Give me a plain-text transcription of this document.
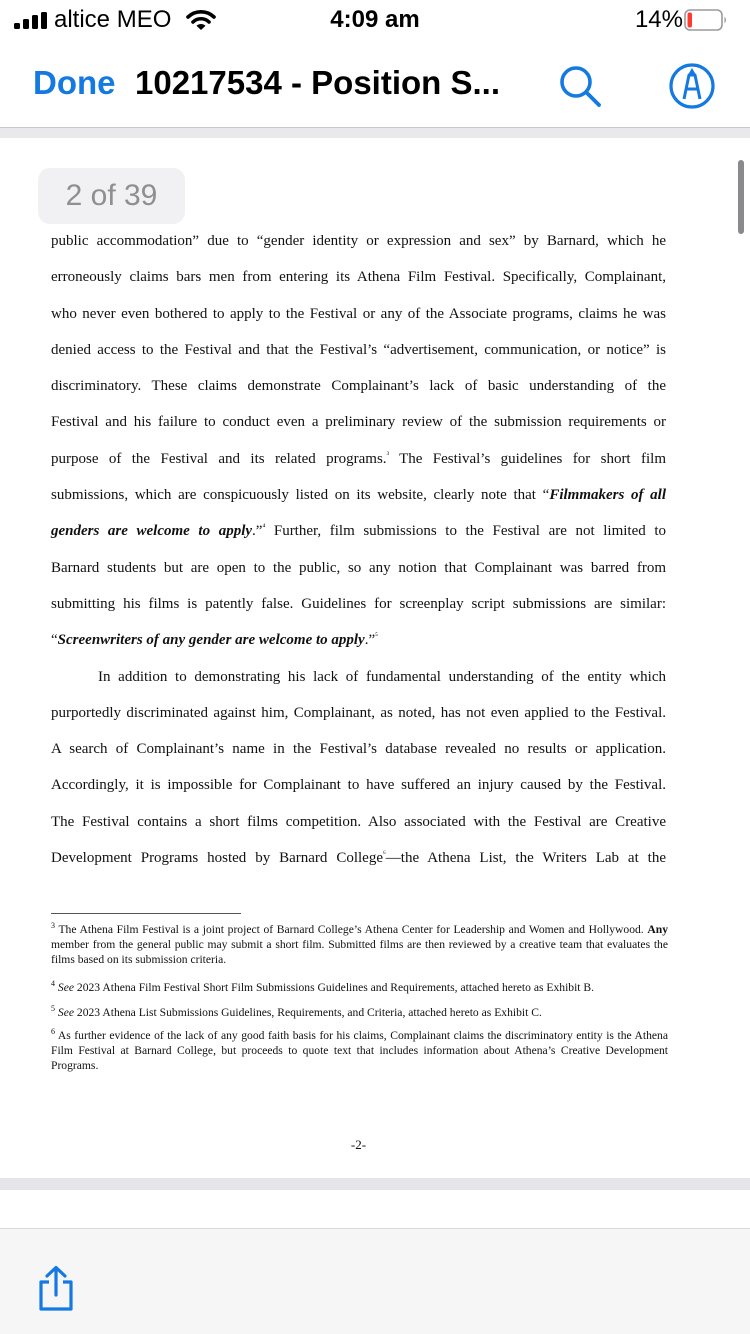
altice MEO	4:09 am	14%
Done 10217534 - Position S...
2 of 39
public accommodation” due to “gender identity or expression and sex” by Barnard, which he
erroneously claims bars men from entering its Athena Film Festival. Specifically, Complainant,
who never even bothered to apply to the Festival or any of the Associate programs, claims he was
denied access to the Festival and that the Festival’s “advertisement, communication, or notice” is
discriminatory. These claims demonstrate Complainant’s lack of basic understanding of the
Festival and his failure to conduct even a preliminary review of the submission requirements or
purpose of the Festival and its related programs.$^{^3}$ The Festival’s guidelines for short film
submissions, which are conspicuously listed on its website, clearly note that “Filmmakers of all
genders are welcome to apply.”$^{^4}$ Further, film submissions to the Festival are not limited to
Barnard students but are open to the public, so any notion that Complainant was barred from
submitting his films is patently false. Guidelines for screenplay script submissions are similar:
“Screenwriters of any gender are welcome to apply.”$^{^5}$
In addition to demonstrating his lack of fundamental understanding of the entity which
purportedly discriminated against him, Complainant, as noted, has not even applied to the Festival.
A search of Complainant’s name in the Festival’s database revealed no results or application.
Accordingly, it is impossible for Complainant to have suffered an injury caused by the Festival.
The Festival contains a short films competition. Also associated with the Festival are Creative
Development Programs hosted by Barnard College$^{^6}$—the Athena List, the Writers Lab at the
$^3$ The Athena Film Festival is a joint project of Barnard College’s Athena Center for Leadership and Women and Hollywood. Any member from the general public may submit a short film. Submitted films are then reviewed by a creative team that evaluates the films based on its submission criteria.
$^4$ See 2023 Athena Film Festival Short Film Submissions Guidelines and Requirements, attached hereto as Exhibit B.
$^5$ See 2023 Athena List Submissions Guidelines, Requirements, and Criteria, attached hereto as Exhibit C.
$^6$ As further evidence of the lack of any good faith basis for his claims, Complainant claims the discriminatory entity is the Athena Film Festival at Barnard College, but proceeds to quote text that includes information about Athena’s Creative Development Programs.
-2-
